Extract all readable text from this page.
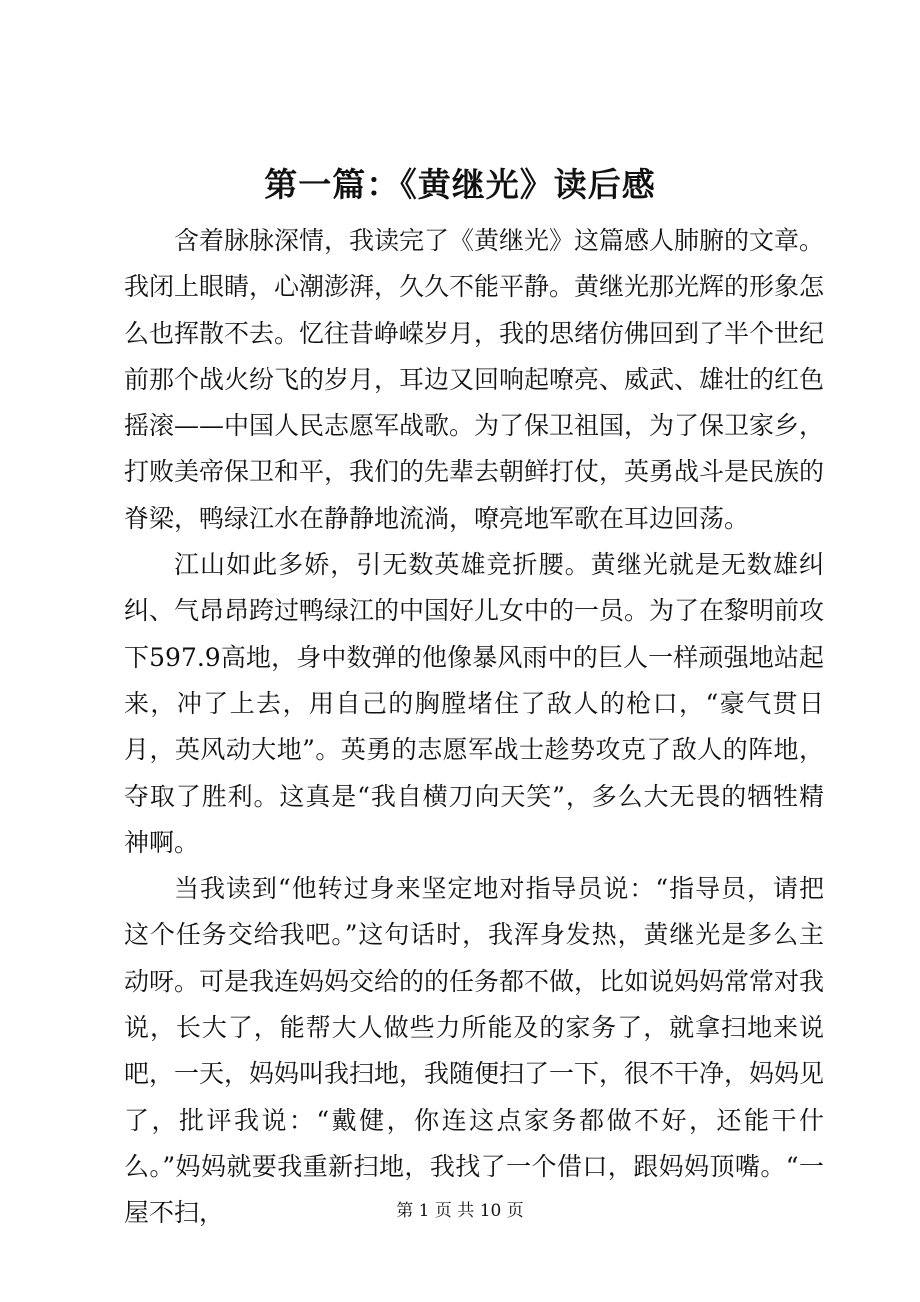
第一篇：《黄继光》读后感

含着脉脉深情，我读完了《黄继光》这篇感人肺腑的文章。我闭上眼睛，心潮澎湃，久久不能平静。黄继光那光辉的形象怎么也挥散不去。忆往昔峥嵘岁月，我的思绪仿佛回到了半个世纪前那个战火纷飞的岁月，耳边又回响起嘹亮、威武、雄壮的红色摇滚——中国人民志愿军战歌。为了保卫祖国，为了保卫家乡，打败美帝保卫和平，我们的先辈去朝鲜打仗，英勇战斗是民族的脊梁，鸭绿江水在静静地流淌，嘹亮地军歌在耳边回荡。

江山如此多娇，引无数英雄竞折腰。黄继光就是无数雄纠纠、气昂昂跨过鸭绿江的中国好儿女中的一员。为了在黎明前攻下597.9高地，身中数弹的他像暴风雨中的巨人一样顽强地站起来，冲了上去，用自己的胸膛堵住了敌人的枪口，“豪气贯日月，英风动大地”。英勇的志愿军战士趁势攻克了敌人的阵地，夺取了胜利。这真是“我自横刀向天笑”，多么大无畏的牺牲精神啊。

当我读到“他转过身来坚定地对指导员说：“指导员，请把这个任务交给我吧。”这句话时，我浑身发热，黄继光是多么主动呀。可是我连妈妈交给的的任务都不做，比如说妈妈常常对我说，长大了，能帮大人做些力所能及的家务了，就拿扫地来说吧，一天，妈妈叫我扫地，我随便扫了一下，很不干净，妈妈见了，批评我说：“戴健，你连这点家务都做不好，还能干什么。”妈妈就要我重新扫地，我找了一个借口，跟妈妈顶嘴。“一屋不扫，	第 1 页 共 10 页
